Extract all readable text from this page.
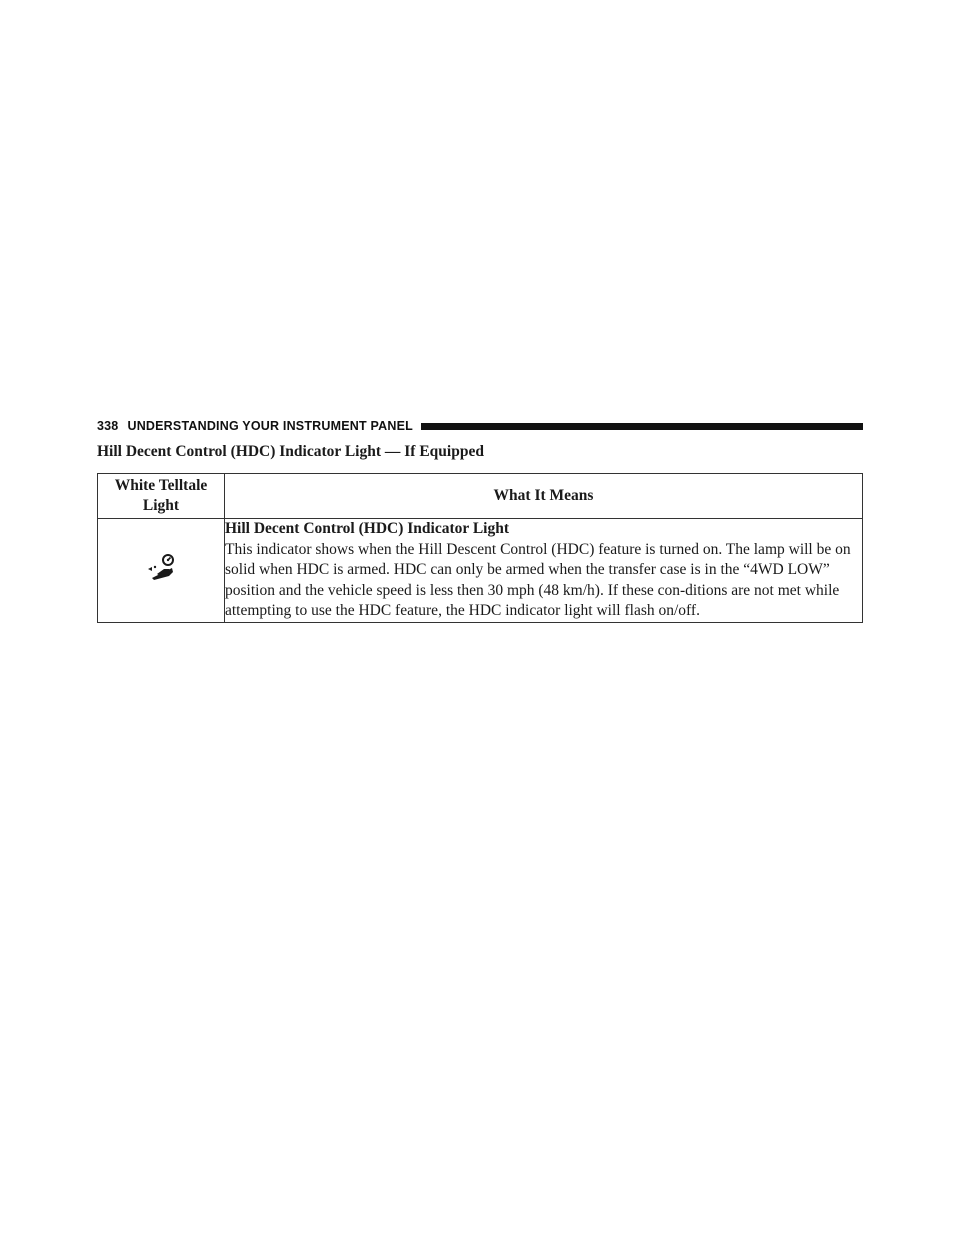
338 UNDERSTANDING YOUR INSTRUMENT PANEL
Hill Decent Control (HDC) Indicator Light — If Equipped
White Telltale Light	What It Means

Hill Decent Control (HDC) Indicator Light
This indicator shows when the Hill Descent Control (HDC) feature is turned on. The lamp will be on solid when HDC is armed. HDC can only be armed when the transfer case is in the “4WD LOW” position and the vehicle speed is less then 30 mph (48 km/h). If these con-ditions are not met while attempting to use the HDC feature, the HDC indicator light will flash on/off.
